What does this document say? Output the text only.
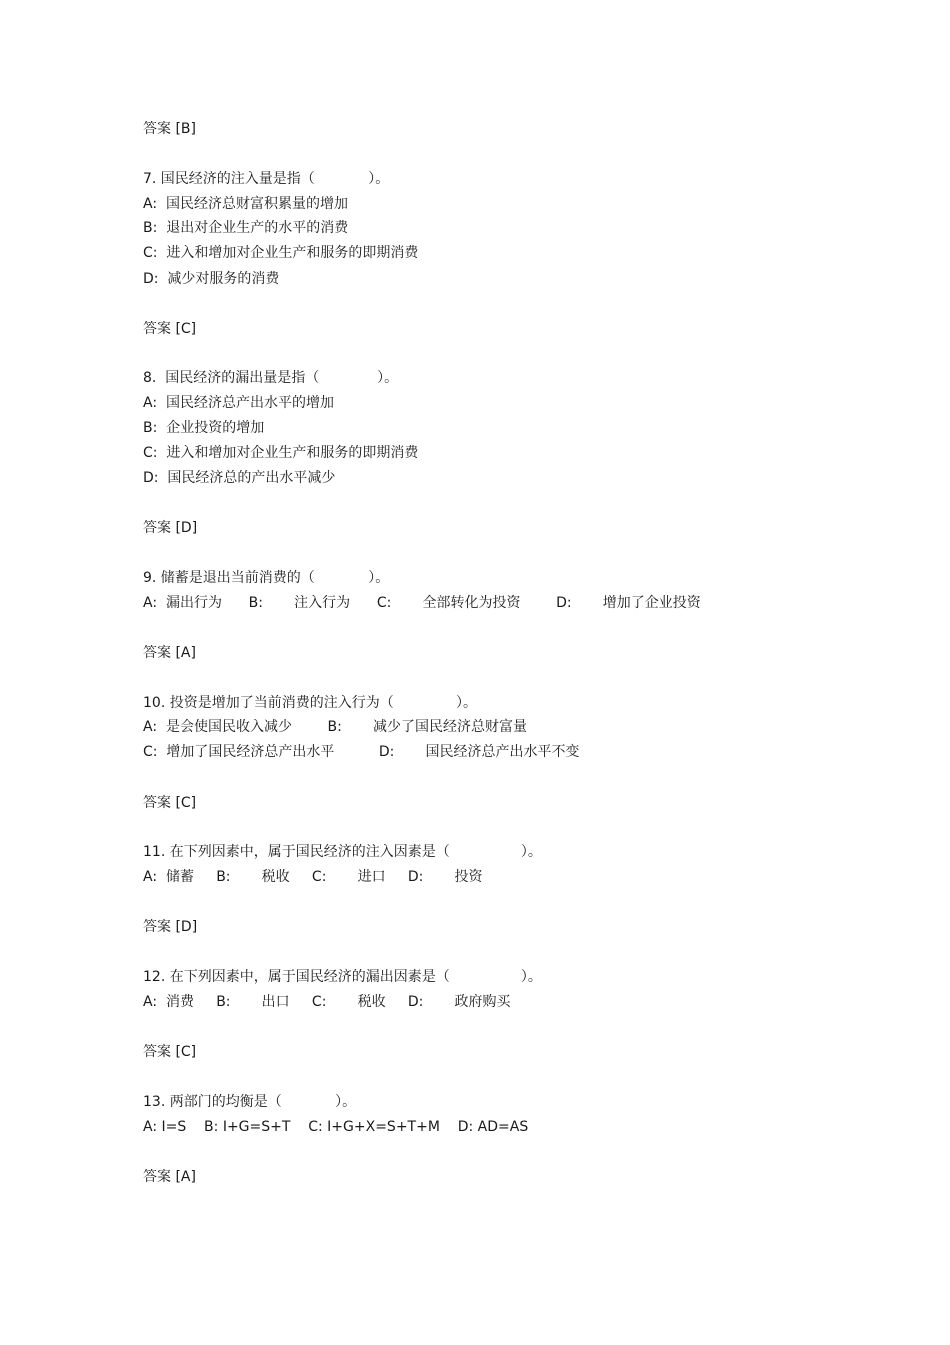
答案 [B]
7. 国民经济的注入量是指（            ）。
A:  国民经济总财富积累量的增加
B:  退出对企业生产的水平的消费
C:  进入和增加对企业生产和服务的即期消费
D:  减少对服务的消费
答案 [C]
8.  国民经济的漏出量是指（             ）。
A:  国民经济总产出水平的增加
B:  企业投资的增加
C:  进入和增加对企业生产和服务的即期消费
D:  国民经济总的产出水平减少
答案 [D]
9. 储蓄是退出当前消费的（            ）。
A:  漏出行为      B:       注入行为      C:       全部转化为投资        D:       增加了企业投资
答案 [A]
10. 投资是增加了当前消费的注入行为（              ）。
A:  是会使国民收入减少        B:       减少了国民经济总财富量
C:  增加了国民经济总产出水平          D:       国民经济总产出水平不变
答案 [C]
11. 在下列因素中，属于国民经济的注入因素是（                ）。
A:  储蓄     B:       税收     C:       进口     D:       投资
答案 [D]
12. 在下列因素中，属于国民经济的漏出因素是（                ）。
A:  消费     B:       出口     C:       税收     D:       政府购买
答案 [C]
13. 两部门的均衡是（            ）。
A: I=S    B: I+G=S+T    C: I+G+X=S+T+M    D: AD=AS
答案 [A]
